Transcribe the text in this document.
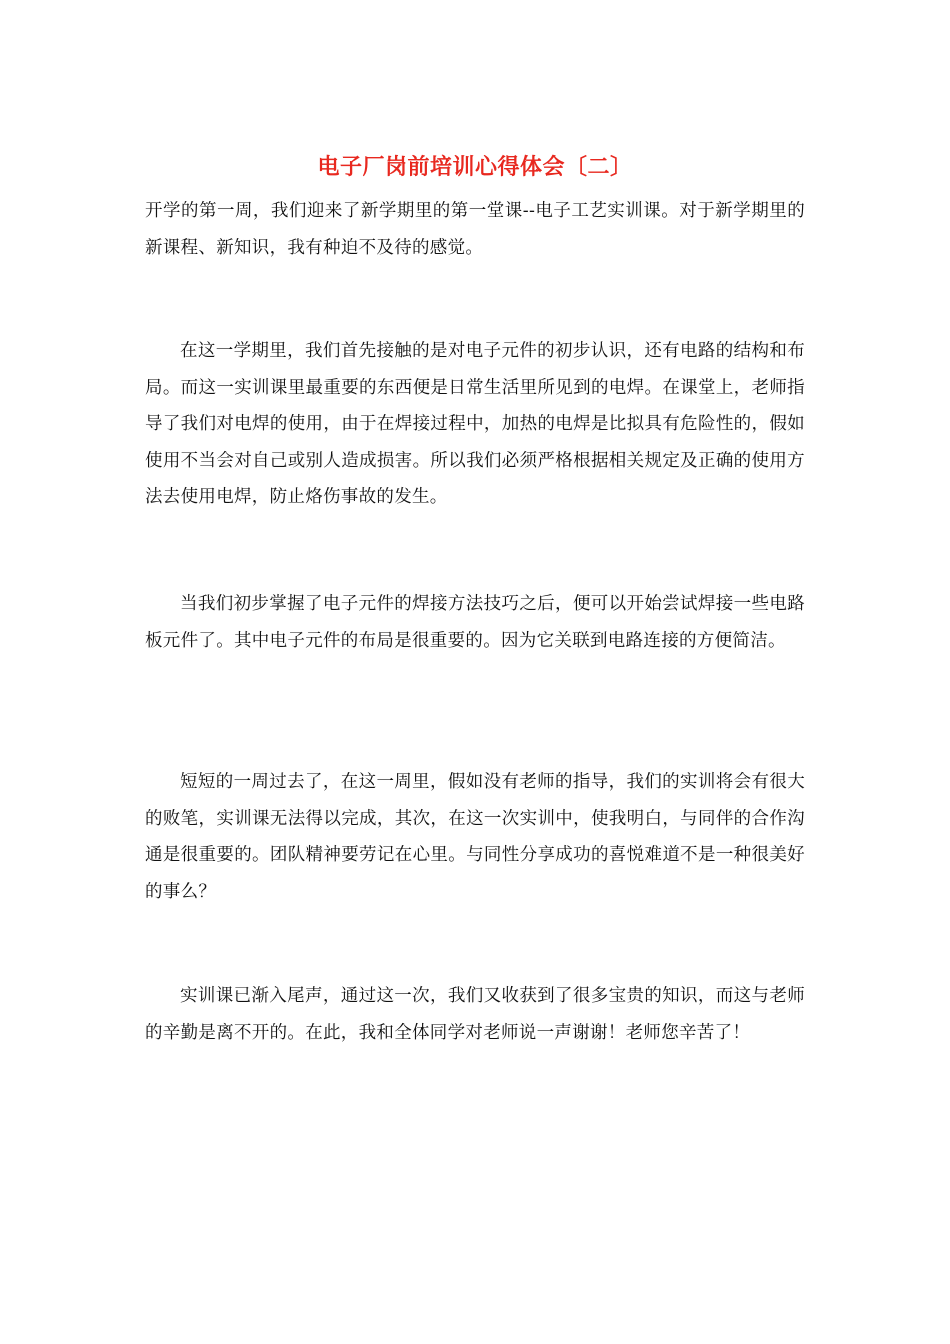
电子厂岗前培训心得体会〔二〕

开学的第一周，我们迎来了新学期里的第一堂课--电子工艺实训课。对于新学期里的新课程、新知识，我有种迫不及待的感觉。

在这一学期里，我们首先接触的是对电子元件的初步认识，还有电路的结构和布局。而这一实训课里最重要的东西便是日常生活里所见到的电焊。在课堂上，老师指导了我们对电焊的使用，由于在焊接过程中，加热的电焊是比拟具有危险性的，假如使用不当会对自己或别人造成损害。所以我们必须严格根据相关规定及正确的使用方法去使用电焊，防止烙伤事故的发生。

当我们初步掌握了电子元件的焊接方法技巧之后，便可以开始尝试焊接一些电路板元件了。其中电子元件的布局是很重要的。因为它关联到电路连接的方便简洁。

短短的一周过去了，在这一周里，假如没有老师的指导，我们的实训将会有很大的败笔，实训课无法得以完成，其次，在这一次实训中，使我明白，与同伴的合作沟通是很重要的。团队精神要劳记在心里。与同性分享成功的喜悦难道不是一种很美好的事么？

实训课已渐入尾声，通过这一次，我们又收获到了很多宝贵的知识，而这与老师的辛勤是离不开的。在此，我和全体同学对老师说一声谢谢！老师您辛苦了！
